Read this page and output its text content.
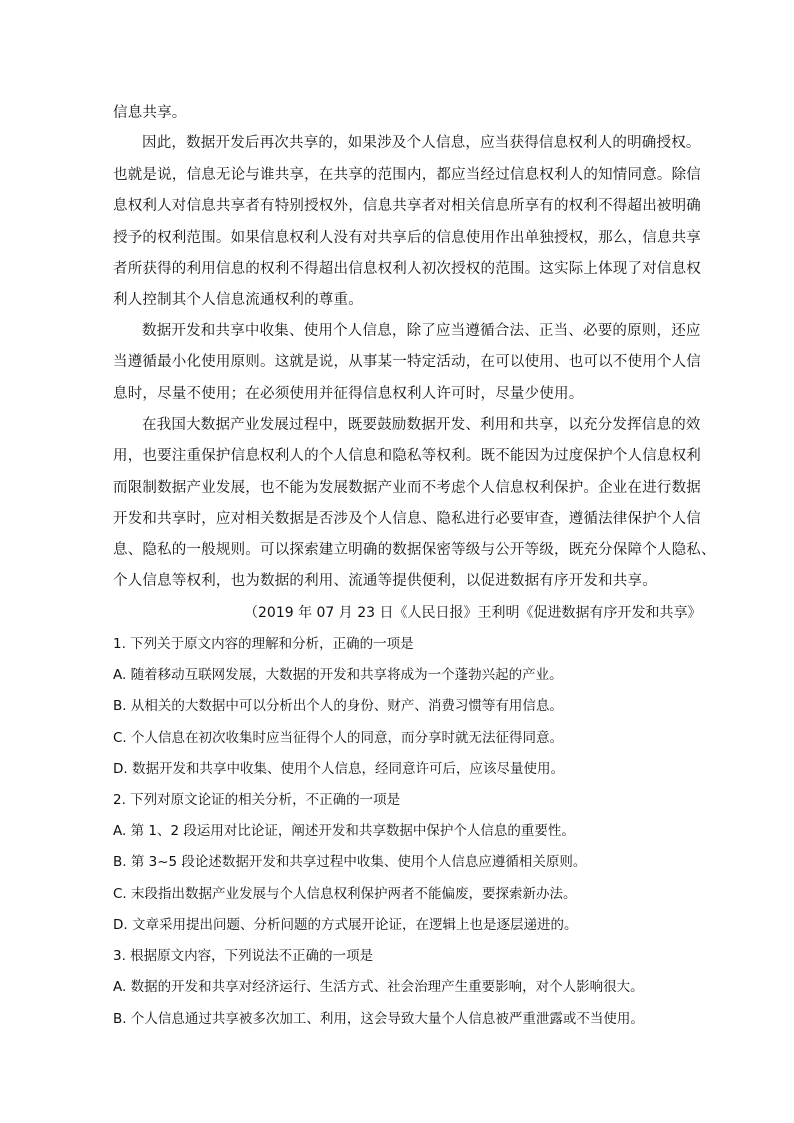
信息共享。
因此，数据开发后再次共享的，如果涉及个人信息，应当获得信息权利人的明确授权。
也就是说，信息无论与谁共享，在共享的范围内，都应当经过信息权利人的知情同意。除信
息权利人对信息共享者有特别授权外，信息共享者对相关信息所享有的权利不得超出被明确
授予的权利范围。如果信息权利人没有对共享后的信息使用作出单独授权，那么，信息共享
者所获得的利用信息的权利不得超出信息权利人初次授权的范围。这实际上体现了对信息权
利人控制其个人信息流通权利的尊重。
数据开发和共享中收集、使用个人信息，除了应当遵循合法、正当、必要的原则，还应
当遵循最小化使用原则。这就是说，从事某一特定活动，在可以使用、也可以不使用个人信
息时，尽量不使用；在必须使用并征得信息权利人许可时，尽量少使用。
在我国大数据产业发展过程中，既要鼓励数据开发、利用和共享，以充分发挥信息的效
用，也要注重保护信息权利人的个人信息和隐私等权利。既不能因为过度保护个人信息权利
而限制数据产业发展，也不能为发展数据产业而不考虑个人信息权利保护。企业在进行数据
开发和共享时，应对相关数据是否涉及个人信息、隐私进行必要审查，遵循法律保护个人信
息、隐私的一般规则。可以探索建立明确的数据保密等级与公开等级，既充分保障个人隐私、
个人信息等权利，也为数据的利用、流通等提供便利，以促进数据有序开发和共享。
（2019 年 07 月 23 日《人民日报》王利明《促进数据有序开发和共享》
1. 下列关于原文内容的理解和分析，正确的一项是
A. 随着移动互联网发展，大数据的开发和共享将成为一个蓬勃兴起的产业。
B. 从相关的大数据中可以分析出个人的身份、财产、消费习惯等有用信息。
C. 个人信息在初次收集时应当征得个人的同意，而分享时就无法征得同意。
D. 数据开发和共享中收集、使用个人信息，经同意许可后，应该尽量使用。
2. 下列对原文论证的相关分析，不正确的一项是
A. 第 1、2 段运用对比论证，阐述开发和共享数据中保护个人信息的重要性。
B. 第 3~5 段论述数据开发和共享过程中收集、使用个人信息应遵循相关原则。
C. 末段指出数据产业发展与个人信息权利保护两者不能偏废，要探索新办法。
D. 文章采用提出问题、分析问题的方式展开论证，在逻辑上也是逐层递进的。
3. 根据原文内容，下列说法不正确的一项是
A. 数据的开发和共享对经济运行、生活方式、社会治理产生重要影响，对个人影响很大。
B. 个人信息通过共享被多次加工、利用，这会导致大量个人信息被严重泄露或不当使用。
